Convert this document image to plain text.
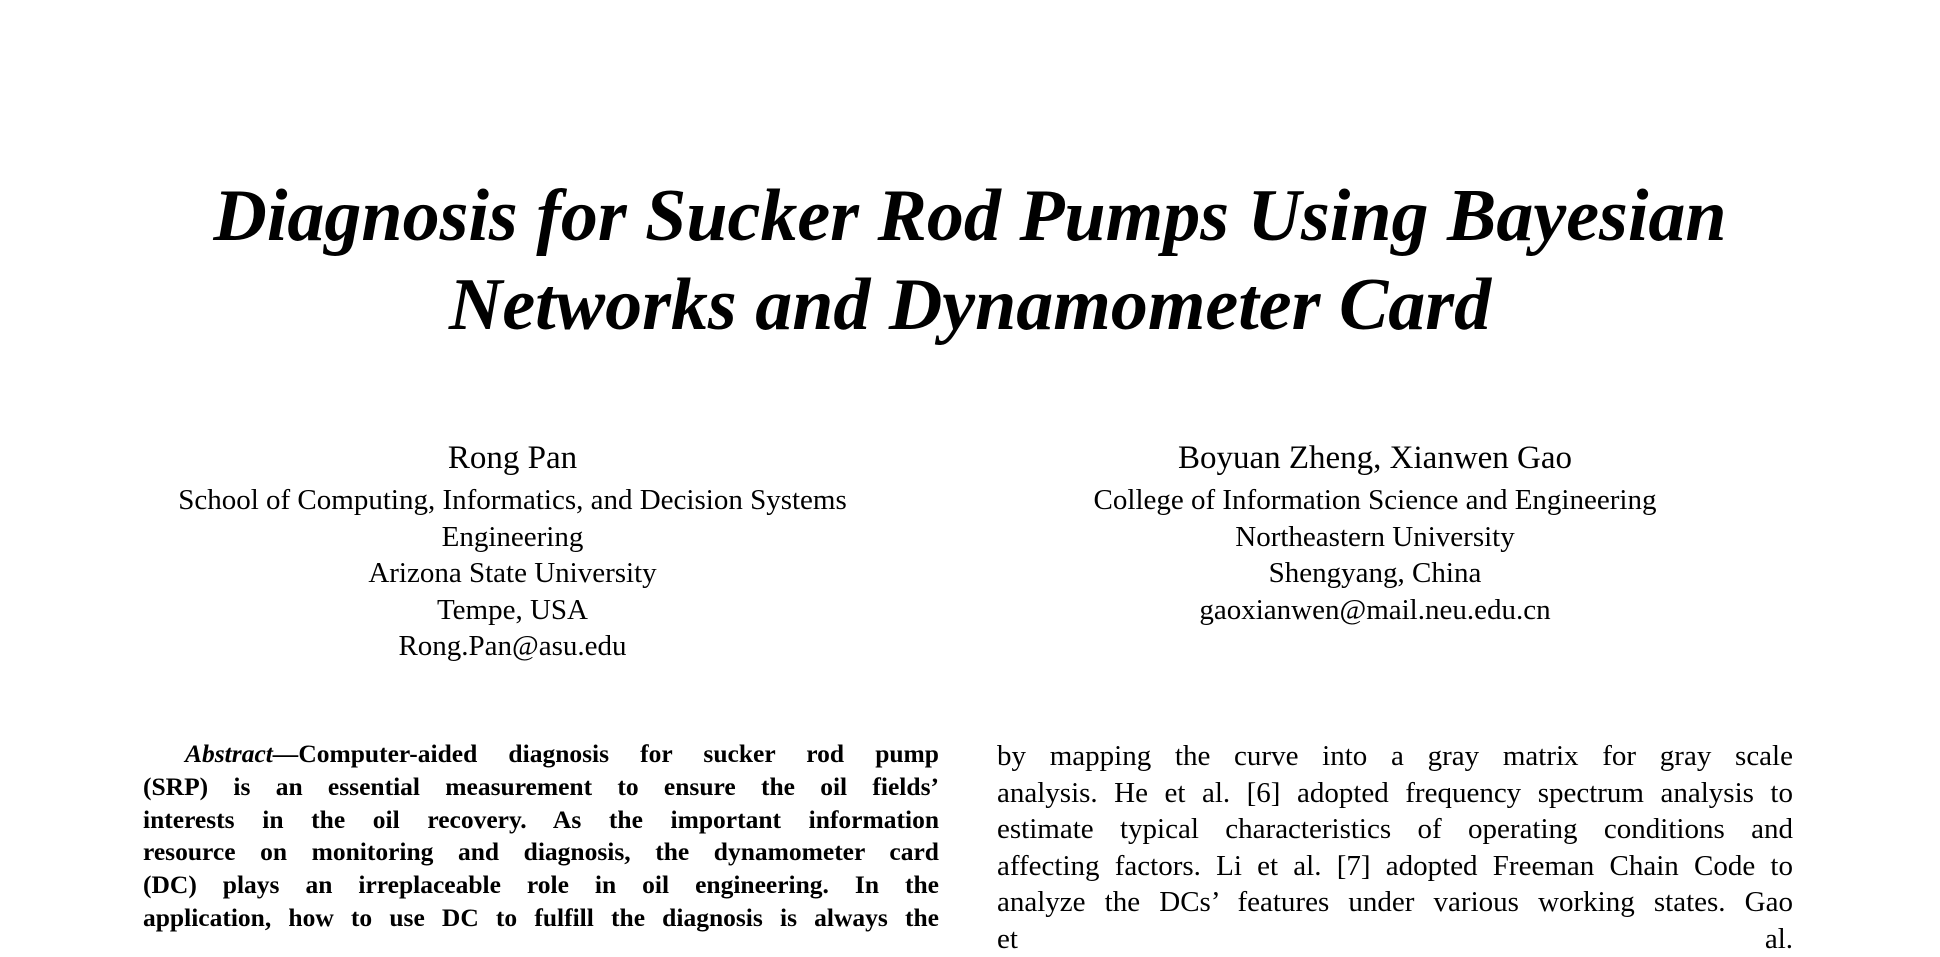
Diagnosis for Sucker Rod Pumps Using Bayesian
Networks and Dynamometer Card
Rong Pan
School of Computing, Informatics, and Decision Systems
Engineering
Arizona State University
Tempe, USA
Rong.Pan@asu.edu
Boyuan Zheng, Xianwen Gao
College of Information Science and Engineering
Northeastern University
Shengyang, China
gaoxianwen@mail.neu.edu.cn
Abstract—Computer-aided diagnosis for sucker rod pump
(SRP) is an essential measurement to ensure the oil fields’
interests in the oil recovery. As the important information
resource on monitoring and diagnosis, the dynamometer card
(DC) plays an irreplaceable role in oil engineering. In the
application, how to use DC to fulfill the diagnosis is always the
by mapping the curve into a gray matrix for gray scale
analysis. He et al. [6] adopted frequency spectrum analysis to
estimate typical characteristics of operating conditions and
affecting factors. Li et al. [7] adopted Freeman Chain Code to
analyze the DCs’ features under various working states. Gao
et al.
